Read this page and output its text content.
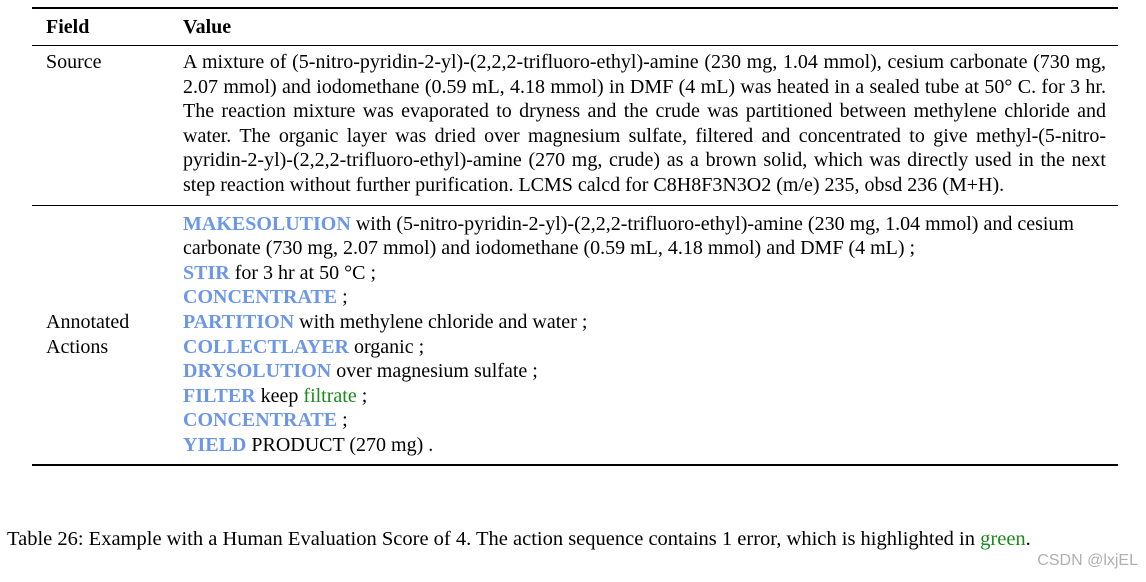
Field	Value
Source	A mixture of (5-nitro-pyridin-2-yl)-(2,2,2-trifluoro-ethyl)-amine (230 mg, 1.04 mmol), cesium carbonate (730 mg, 2.07 mmol) and iodomethane (0.59 mL, 4.18 mmol) in DMF (4 mL) was heated in a sealed tube at 50° C. for 3 hr. The reaction mixture was evaporated to dryness and the crude was partitioned between methylene chloride and water. The organic layer was dried over magnesium sulfate, filtered and concentrated to give methyl-(5-nitro-pyridin-2-yl)-(2,2,2-trifluoro-ethyl)-amine (270 mg, crude) as a brown solid, which was directly used in the next step reaction without further purification. LCMS calcd for C8H8F3N3O2 (m/e) 235, obsd 236 (M+H).
Annotated Actions
MAKESOLUTION with (5-nitro-pyridin-2-yl)-(2,2,2-trifluoro-ethyl)-amine (230 mg, 1.04 mmol) and cesium carbonate (730 mg, 2.07 mmol) and iodomethane (0.59 mL, 4.18 mmol) and DMF (4 mL) ;
STIR for 3 hr at 50 °C ;
CONCENTRATE ;
PARTITION with methylene chloride and water ;
COLLECTLAYER organic ;
DRYSOLUTION over magnesium sulfate ;
FILTER keep filtrate ;
CONCENTRATE ;
YIELD PRODUCT (270 mg) .
Table 26: Example with a Human Evaluation Score of 4. The action sequence contains 1 error, which is highlighted in green.
CSDN @lxjEL
